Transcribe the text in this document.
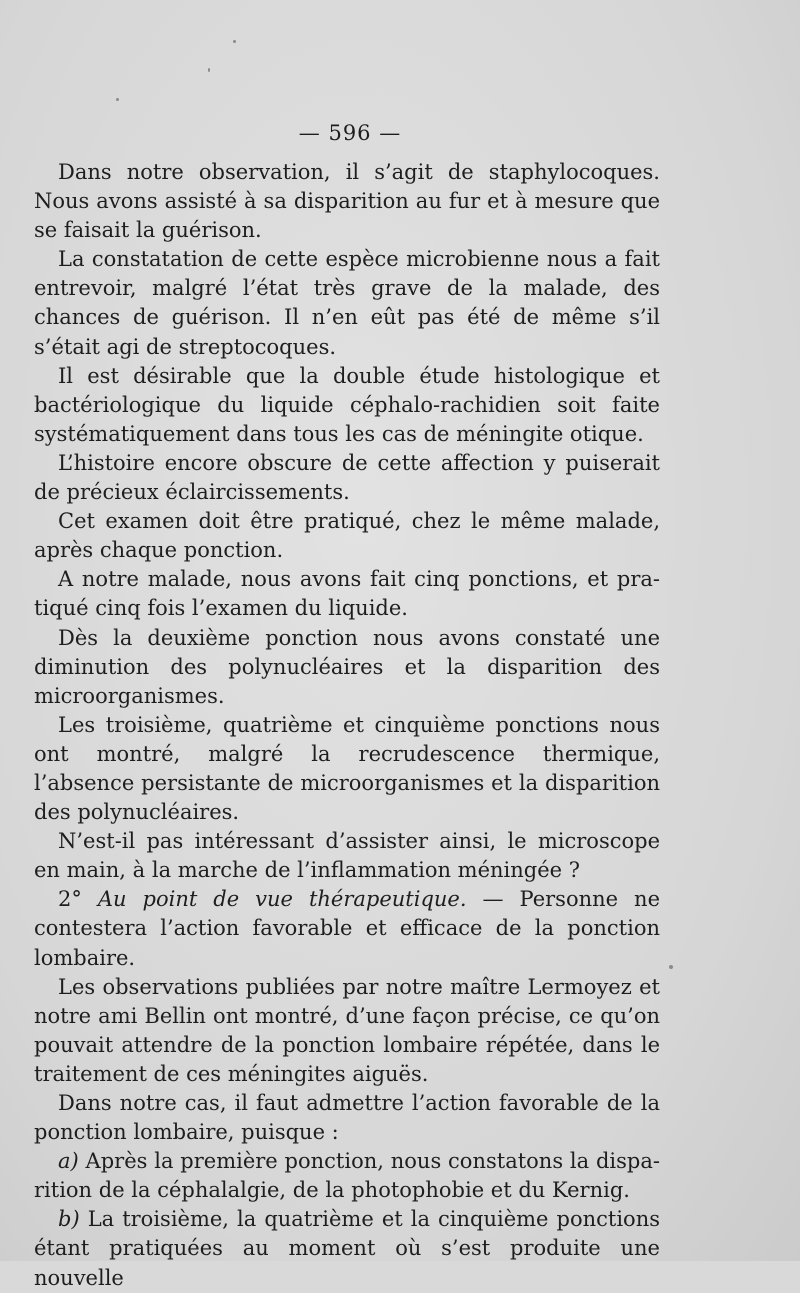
— 596 —

Dans notre observation, il s’agit de staphylocoques. Nous avons assisté à sa disparition au fur et à mesure que se faisait la guérison.

La constatation de cette espèce microbienne nous a fait entrevoir, malgré l’état très grave de la malade, des chances de guérison. Il n’en eût pas été de même s’il s’était agi de streptocoques.

Il est désirable que la double étude histologique et bactériologique du liquide céphalo-rachidien soit faite systématiquement dans tous les cas de méningite otique.

L’histoire encore obscure de cette affection y puiserait de précieux éclaircissements.

Cet examen doit être pratiqué, chez le même malade, après chaque ponction.

A notre malade, nous avons fait cinq ponctions, et pratiqué cinq fois l’examen du liquide.

Dès la deuxième ponction nous avons constaté une diminution des polynucléaires et la disparition des microorganismes.

Les troisième, quatrième et cinquième ponctions nous ont montré, malgré la recrudescence thermique, l’absence persistante de microorganismes et la disparition des polynucléaires.

N’est-il pas intéressant d’assister ainsi, le microscope en main, à la marche de l’inflammation méningée ?

2° Au point de vue thérapeutique. — Personne ne contestera l’action favorable et efficace de la ponction lombaire.

Les observations publiées par notre maître Lermoyez et notre ami Bellin ont montré, d’une façon précise, ce qu’on pouvait attendre de la ponction lombaire répétée, dans le traitement de ces méningites aiguës.

Dans notre cas, il faut admettre l’action favorable de la ponction lombaire, puisque :

a) Après la première ponction, nous constatons la disparition de la céphalalgie, de la photophobie et du Kernig.

b) La troisième, la quatrième et la cinquième ponctions étant pratiquées au moment où s’est produite une nouvelle
